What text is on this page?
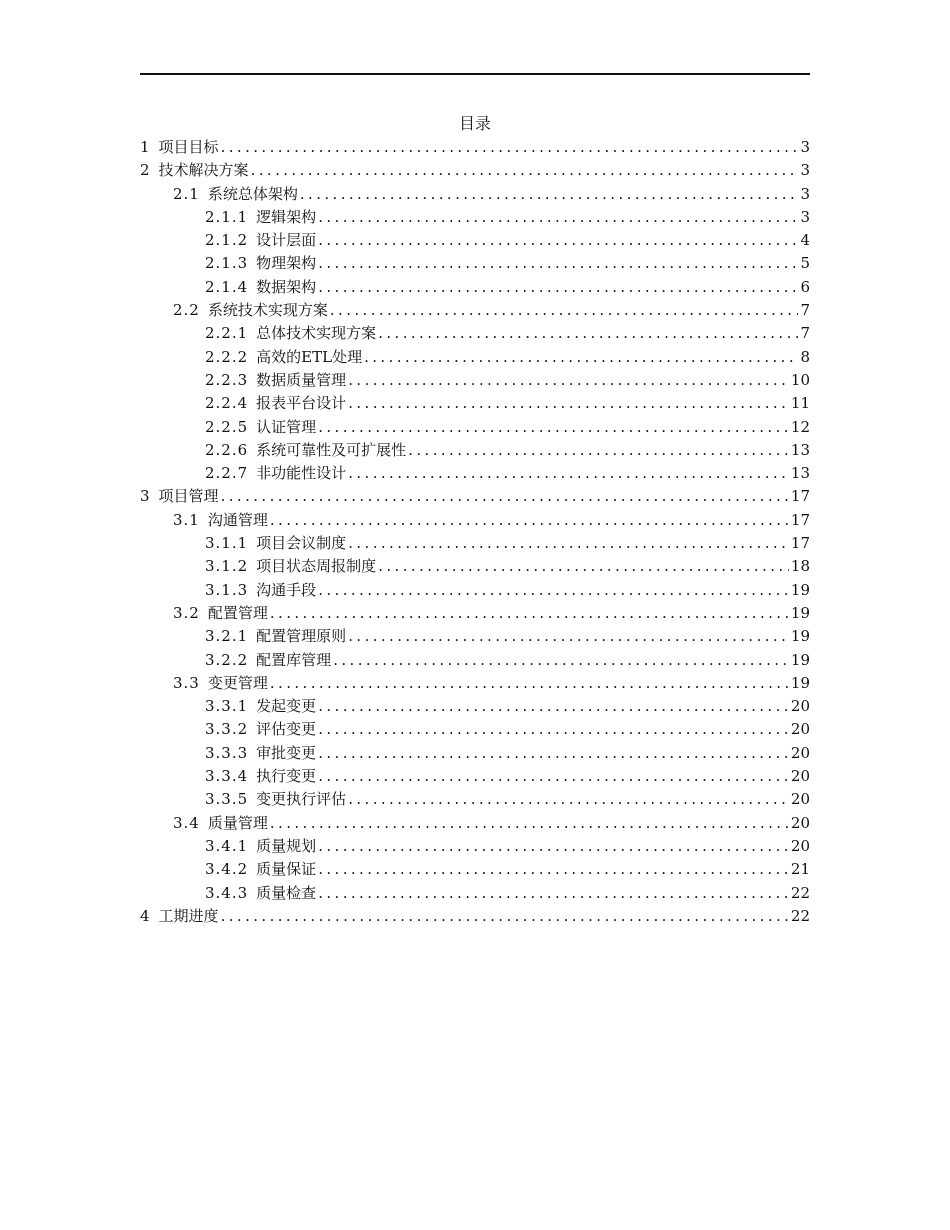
目录
1 项目目标 .....	3
2 技术解决方案 .....	3
2.1 系统总体架构 .....	3
2.1.1 逻辑架构 .....	3
2.1.2 设计层面 .....	4
2.1.3 物理架构 .....	5
2.1.4 数据架构 .....	6
2.2 系统技术实现方案 .....	7
2.2.1 总体技术实现方案 .....	7
2.2.2 高效的ETL处理 .....	8
2.2.3 数据质量管理 .....	10
2.2.4 报表平台设计 .....	11
2.2.5 认证管理 .....	12
2.2.6 系统可靠性及可扩展性 .....	13
2.2.7 非功能性设计 .....	13
3 项目管理 .....	17
3.1 沟通管理 .....	17
3.1.1 项目会议制度 .....	17
3.1.2 项目状态周报制度 .....	18
3.1.3 沟通手段 .....	19
3.2 配置管理 .....	19
3.2.1 配置管理原则 .....	19
3.2.2 配置库管理 .....	19
3.3 变更管理 .....	19
3.3.1 发起变更 .....	20
3.3.2 评估变更 .....	20
3.3.3 审批变更 .....	20
3.3.4 执行变更 .....	20
3.3.5 变更执行评估 .....	20
3.4 质量管理 .....	20
3.4.1 质量规划 .....	20
3.4.2 质量保证 .....	21
3.4.3 质量检查 .....	22
4 工期进度 .....	22
